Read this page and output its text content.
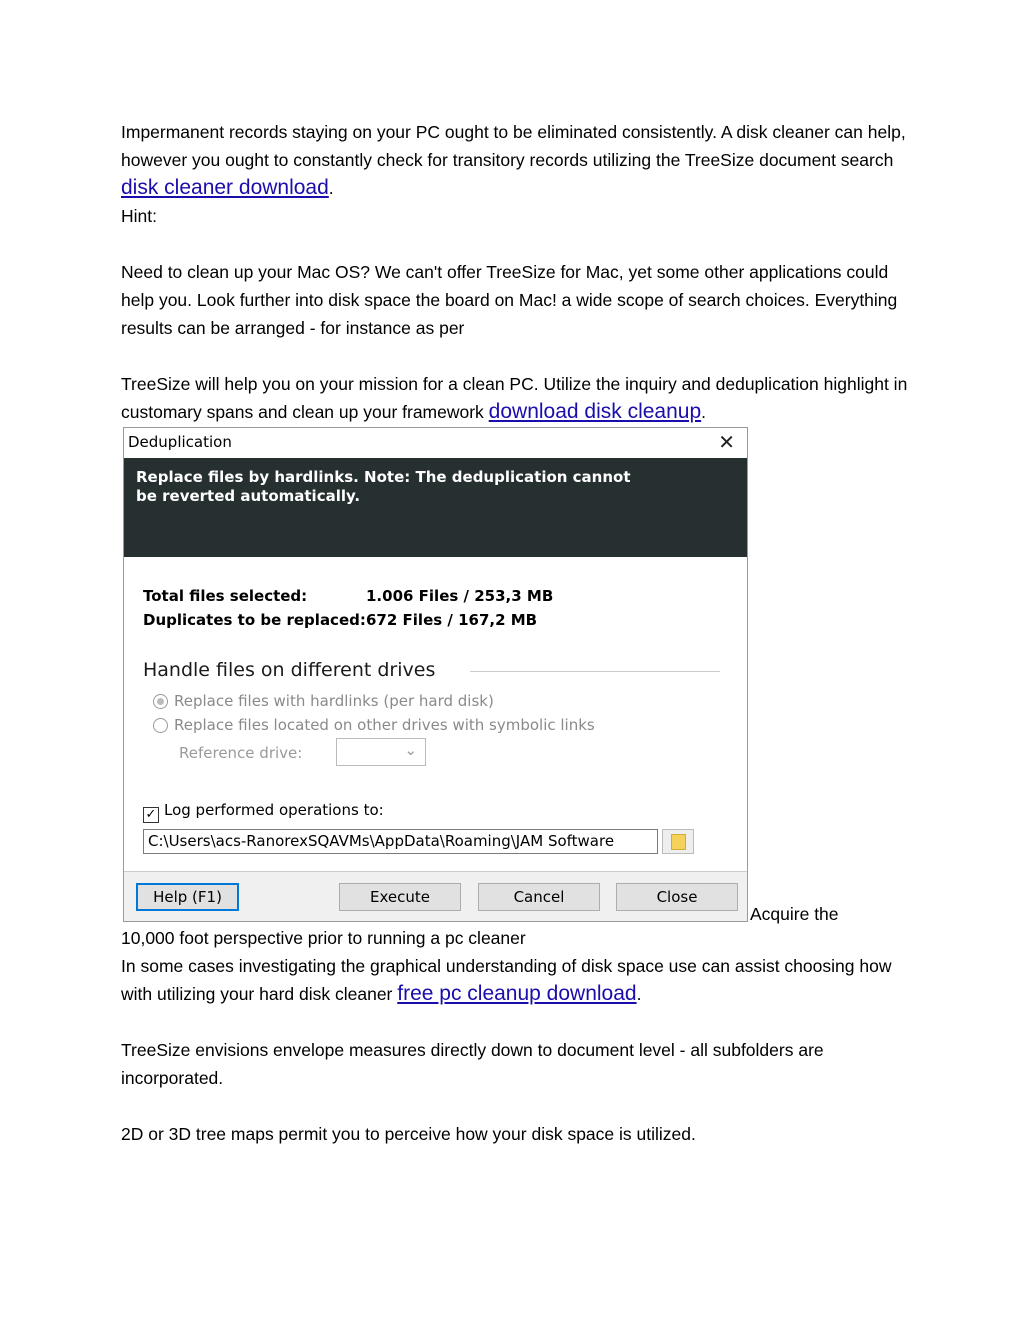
Impermanent records staying on your PC ought to be eliminated consistently. A disk cleaner can help, however you ought to constantly check for transitory records utilizing the TreeSize document search disk cleaner download.

Hint:

Need to clean up your Mac OS? We can't offer TreeSize for Mac, yet some other applications could help you. Look further into disk space the board on Mac! a wide scope of search choices. Everything results can be arranged - for instance as per

TreeSize will help you on your mission for a clean PC. Utilize the inquiry and deduplication highlight in customary spans and clean up your framework download disk cleanup.

Deduplication	✕
Replace files by hardlinks. Note: The deduplication cannot
be reverted automatically.
Total files selected:	1.006 Files / 253,3 MB
Duplicates to be replaced:672 Files / 167,2 MB
Handle files on different drives
Replace files with hardlinks (per hard disk)
Replace files located on other drives with symbolic links
Reference drive:	⌄
✓ Log performed operations to:
C:\Users\acs-RanorexSQAVMs\AppData\Roaming\JAM Software
Help (F1)	Execute	Cancel	Close
Acquire the

10,000 foot perspective prior to running a pc cleaner

In some cases investigating the graphical understanding of disk space use can assist choosing how with utilizing your hard disk cleaner free pc cleanup download.

TreeSize envisions envelope measures directly down to document level - all subfolders are incorporated.

2D or 3D tree maps permit you to perceive how your disk space is utilized.
